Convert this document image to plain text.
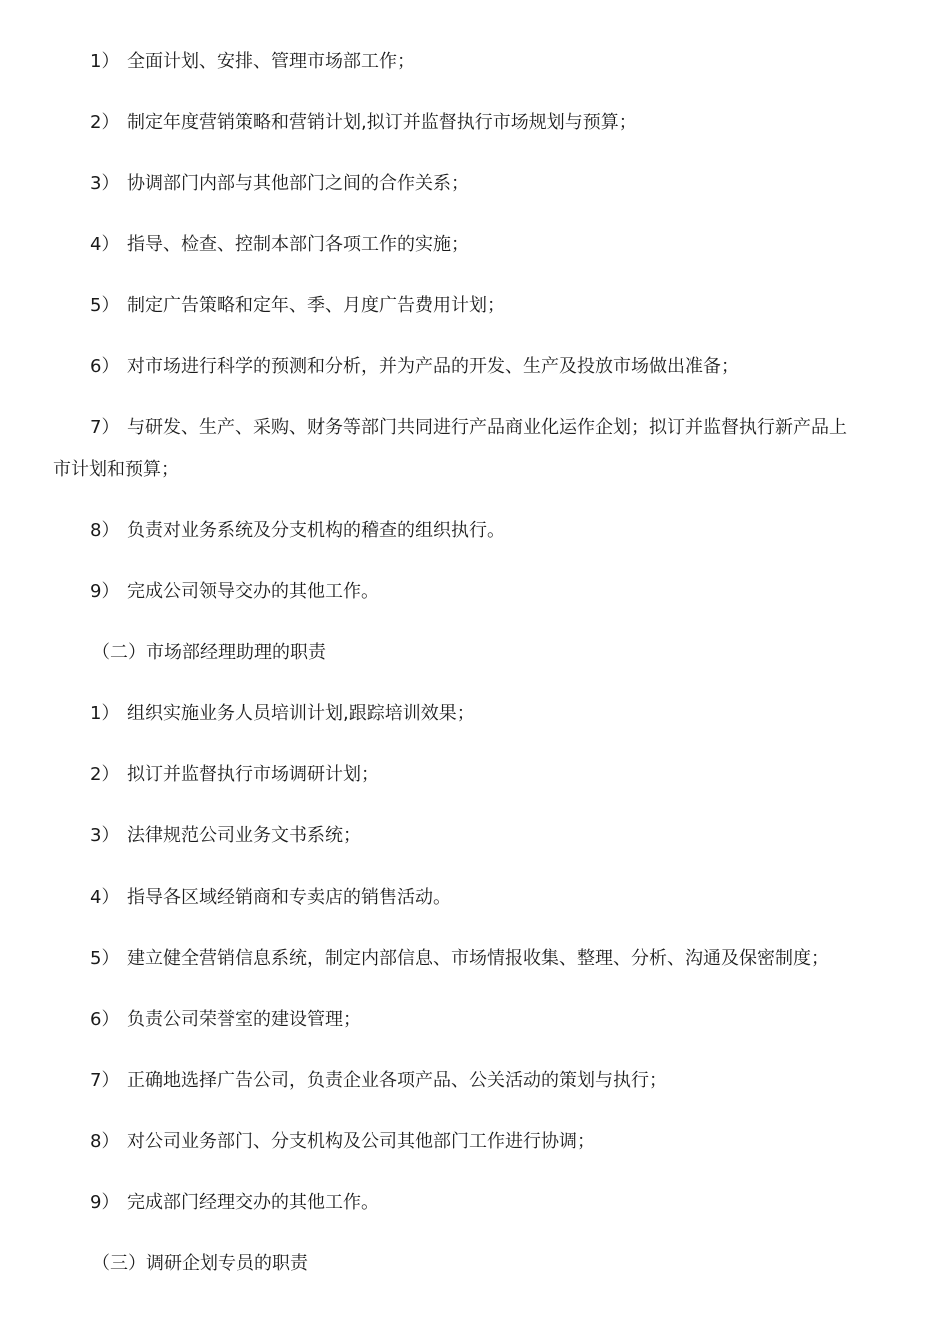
1） 全面计划、安排、管理市场部工作；
2） 制定年度营销策略和营销计划,拟订并监督执行市场规划与预算；
3） 协调部门内部与其他部门之间的合作关系；
4） 指导、检查、控制本部门各项工作的实施；
5） 制定广告策略和定年、季、月度广告费用计划；
6） 对市场进行科学的预测和分析，并为产品的开发、生产及投放市场做出准备；
7） 与研发、生产、采购、财务等部门共同进行产品商业化运作企划；拟订并监督执行新产品上
市计划和预算；
8） 负责对业务系统及分支机构的稽查的组织执行。
9） 完成公司领导交办的其他工作。
（二）市场部经理助理的职责
1） 组织实施业务人员培训计划,跟踪培训效果；
2） 拟订并监督执行市场调研计划；
3） 法律规范公司业务文书系统；
4） 指导各区域经销商和专卖店的销售活动。
5） 建立健全营销信息系统，制定内部信息、市场情报收集、整理、分析、沟通及保密制度；
6） 负责公司荣誉室的建设管理；
7） 正确地选择广告公司，负责企业各项产品、公关活动的策划与执行；
8） 对公司业务部门、分支机构及公司其他部门工作进行协调；
9） 完成部门经理交办的其他工作。
（三）调研企划专员的职责
